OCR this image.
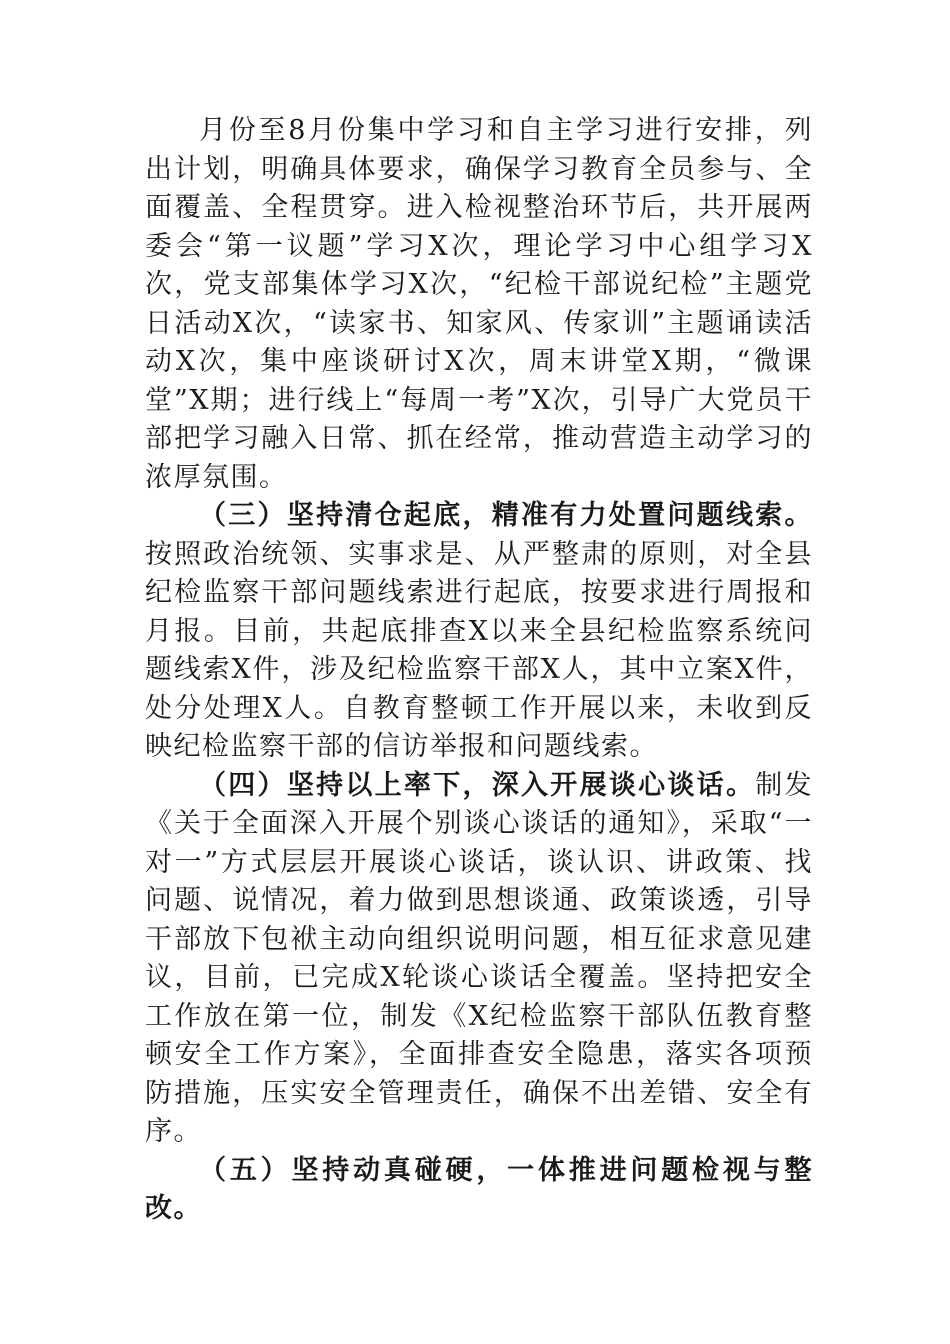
月份至8月份集中学习和自主学习进行安排，列出计划，明确具体要求，确保学习教育全员参与、全面覆盖、全程贯穿。进入检视整治环节后，共开展两委会“第一议题”学习X次，理论学习中心组学习X次，党支部集体学习X次，“纪检干部说纪检”主题党日活动X次，“读家书、知家风、传家训”主题诵读活动X次，集中座谈研讨X次，周末讲堂X期，“微课堂”X期；进行线上“每周一考”X次，引导广大党员干部把学习融入日常、抓在经常，推动营造主动学习的浓厚氛围。

（三）坚持清仓起底，精准有力处置问题线索。按照政治统领、实事求是、从严整肃的原则，对全县纪检监察干部问题线索进行起底，按要求进行周报和月报。目前，共起底排查X以来全县纪检监察系统问题线索X件，涉及纪检监察干部X人，其中立案X件，处分处理X人。自教育整顿工作开展以来，未收到反映纪检监察干部的信访举报和问题线索。

（四）坚持以上率下，深入开展谈心谈话。制发《关于全面深入开展个别谈心谈话的通知》，采取“一对一”方式层层开展谈心谈话，谈认识、讲政策、找问题、说情况，着力做到思想谈通、政策谈透，引导干部放下包袱主动向组织说明问题，相互征求意见建议，目前，已完成X轮谈心谈话全覆盖。坚持把安全工作放在第一位，制发《X纪检监察干部队伍教育整顿安全工作方案》，全面排查安全隐患，落实各项预防措施，压实安全管理责任，确保不出差错、安全有序。

（五）坚持动真碰硬，一体推进问题检视与整改。
